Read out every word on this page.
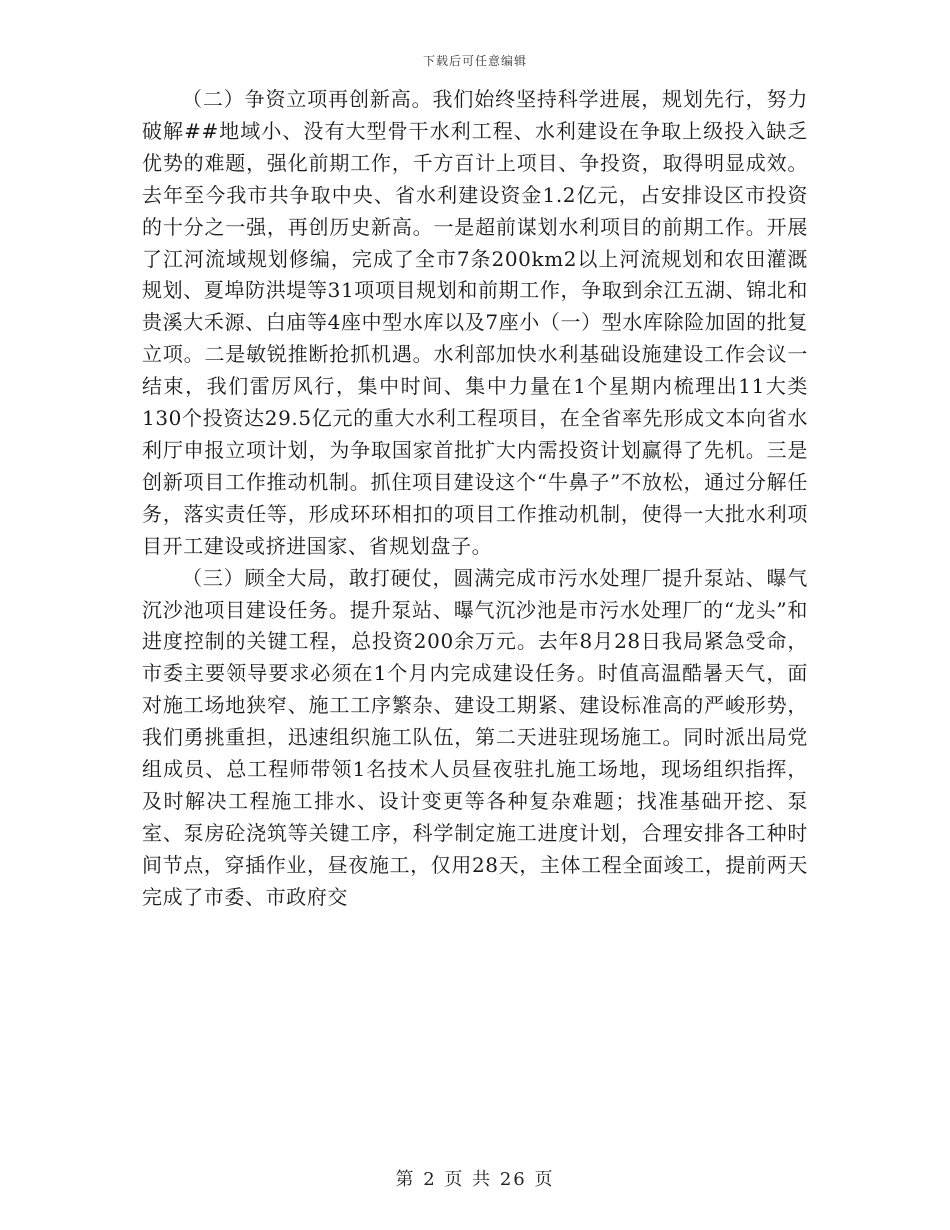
下载后可任意编辑

（二）争资立项再创新高。我们始终坚持科学进展，规划先行，努力破解##地域小、没有大型骨干水利工程、水利建设在争取上级投入缺乏优势的难题，强化前期工作，千方百计上项目、争投资，取得明显成效。去年至今我市共争取中央、省水利建设资金1.2亿元，占安排设区市投资的十分之一强，再创历史新高。一是超前谋划水利项目的前期工作。开展了江河流域规划修编，完成了全市7条200km2以上河流规划和农田灌溉规划、夏埠防洪堤等31项项目规划和前期工作，争取到余江五湖、锦北和贵溪大禾源、白庙等4座中型水库以及7座小（一）型水库除险加固的批复立项。二是敏锐推断抢抓机遇。水利部加快水利基础设施建设工作会议一结束，我们雷厉风行，集中时间、集中力量在1个星期内梳理出11大类130个投资达29.5亿元的重大水利工程项目，在全省率先形成文本向省水利厅申报立项计划，为争取国家首批扩大内需投资计划赢得了先机。三是创新项目工作推动机制。抓住项目建设这个“牛鼻子”不放松，通过分解任务，落实责任等，形成环环相扣的项目工作推动机制，使得一大批水利项目开工建设或挤进国家、省规划盘子。

（三）顾全大局，敢打硬仗，圆满完成市污水处理厂提升泵站、曝气沉沙池项目建设任务。提升泵站、曝气沉沙池是市污水处理厂的“龙头”和进度控制的关键工程，总投资200余万元。去年8月28日我局紧急受命，市委主要领导要求必须在1个月内完成建设任务。时值高温酷暑天气，面对施工场地狭窄、施工工序繁杂、建设工期紧、建设标准高的严峻形势，我们勇挑重担，迅速组织施工队伍，第二天进驻现场施工。同时派出局党组成员、总工程师带领1名技术人员昼夜驻扎施工场地，现场组织指挥，及时解决工程施工排水、设计变更等各种复杂难题；找准基础开挖、泵室、泵房砼浇筑等关键工序，科学制定施工进度计划，合理安排各工种时间节点，穿插作业，昼夜施工，仅用28天，主体工程全面竣工，提前两天完成了市委、市政府交

第 2 页 共 26 页
